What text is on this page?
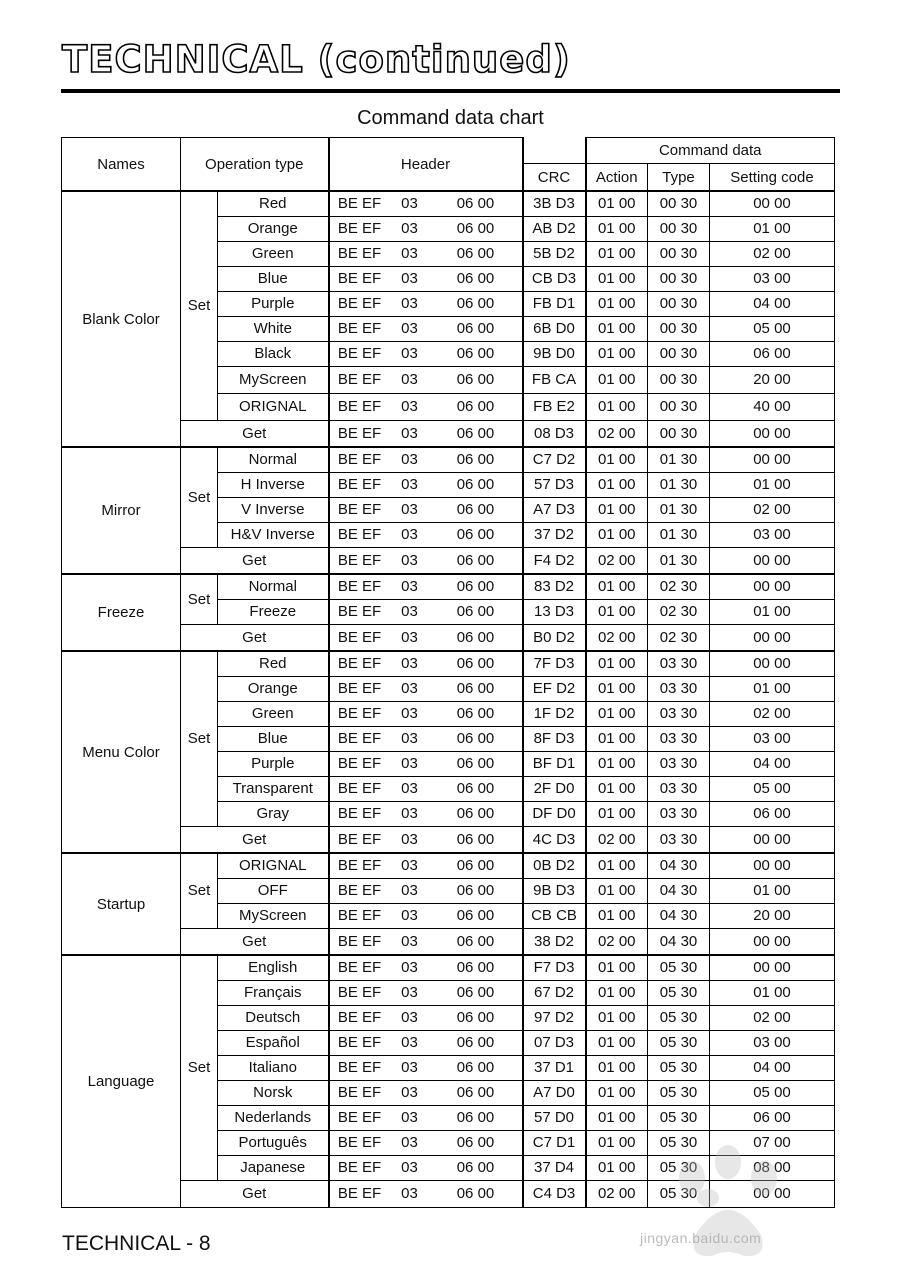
TECHNICAL (continued)
Command data chart
Names	Operation type		Header		Command data		
				CRC	Action	Type	Setting code
Blank Color	Set	Red	BE EF 03 06 00	3B D3	01 00	00 30	00 00
		Orange	BE EF 03 06 00	AB D2	01 00	00 30	01 00
		Green	BE EF 03 06 00	5B D2	01 00	00 30	02 00
		Blue	BE EF 03 06 00	CB D3	01 00	00 30	03 00
		Purple	BE EF 03 06 00	FB D1	01 00	00 30	04 00
		White	BE EF 03 06 00	6B D0	01 00	00 30	05 00
		Black	BE EF 03 06 00	9B D0	01 00	00 30	06 00
		MyScreen	BE EF 03 06 00	FB CA	01 00	00 30	20 00
		ORIGNAL	BE EF 03 06 00	FB E2	01 00	00 30	40 00
	Get		BE EF 03 06 00	08 D3	02 00	00 30	00 00
Mirror	Set	Normal	BE EF 03 06 00	C7 D2	01 00	01 30	00 00
		H Inverse	BE EF 03 06 00	57 D3	01 00	01 30	01 00
		V Inverse	BE EF 03 06 00	A7 D3	01 00	01 30	02 00
		H&V Inverse	BE EF 03 06 00	37 D2	01 00	01 30	03 00
	Get		BE EF 03 06 00	F4 D2	02 00	01 30	00 00
Freeze	Set	Normal	BE EF 03 06 00	83 D2	01 00	02 30	00 00
		Freeze	BE EF 03 06 00	13 D3	01 00	02 30	01 00
	Get		BE EF 03 06 00	B0 D2	02 00	02 30	00 00
Menu Color	Set	Red	BE EF 03 06 00	7F D3	01 00	03 30	00 00
		Orange	BE EF 03 06 00	EF D2	01 00	03 30	01 00
		Green	BE EF 03 06 00	1F D2	01 00	03 30	02 00
		Blue	BE EF 03 06 00	8F D3	01 00	03 30	03 00
		Purple	BE EF 03 06 00	BF D1	01 00	03 30	04 00
		Transparent	BE EF 03 06 00	2F D0	01 00	03 30	05 00
		Gray	BE EF 03 06 00	DF D0	01 00	03 30	06 00
	Get		BE EF 03 06 00	4C D3	02 00	03 30	00 00
Startup	Set	ORIGNAL	BE EF 03 06 00	0B D2	01 00	04 30	00 00
		OFF	BE EF 03 06 00	9B D3	01 00	04 30	01 00
		MyScreen	BE EF 03 06 00	CB CB	01 00	04 30	20 00
	Get		BE EF 03 06 00	38 D2	02 00	04 30	00 00
Language	Set	English	BE EF 03 06 00	F7 D3	01 00	05 30	00 00
		Français	BE EF 03 06 00	67 D2	01 00	05 30	01 00
		Deutsch	BE EF 03 06 00	97 D2	01 00	05 30	02 00
		Español	BE EF 03 06 00	07 D3	01 00	05 30	03 00
		Italiano	BE EF 03 06 00	37 D1	01 00	05 30	04 00
		Norsk	BE EF 03 06 00	A7 D0	01 00	05 30	05 00
		Nederlands	BE EF 03 06 00	57 D0	01 00	05 30	06 00
		Português	BE EF 03 06 00	C7 D1	01 00	05 30	07 00
		Japanese	BE EF 03 06 00	37 D4	01 00	05 30	08 00
	Get		BE EF 03 06 00	C4 D3	02 00	05 30	00 00
TECHNICAL - 8	jingyan.baidu.com
